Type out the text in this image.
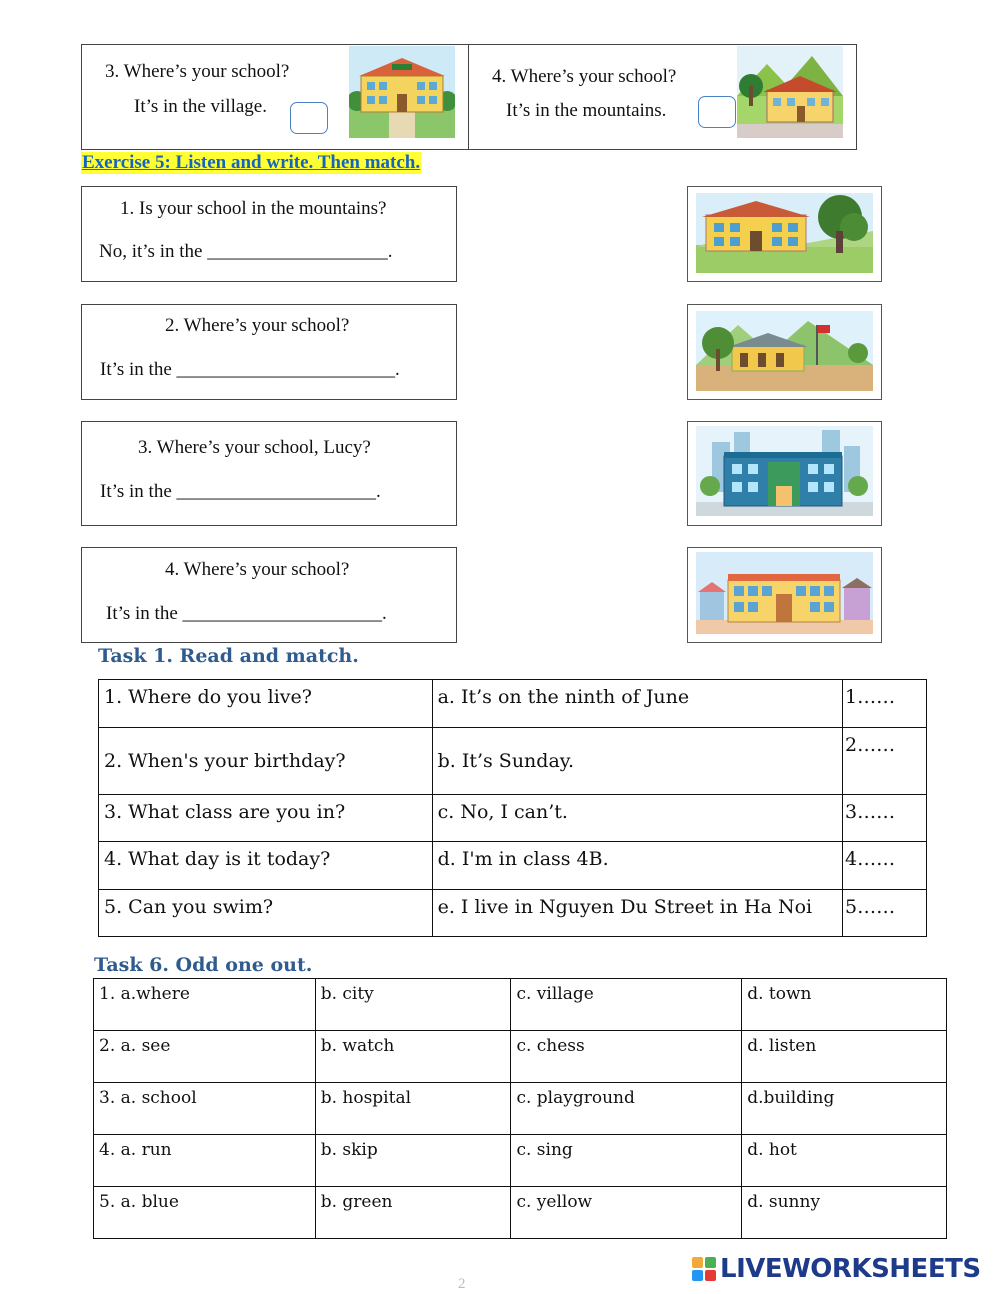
3. Where’s your school?
It’s in the village.
4. Where’s your school?
It’s in the mountains.
Exercise 5: Listen and write. Then match.
1. Is your school in the mountains?
No, it’s in the ___________________.
2. Where’s your school?
It’s in the _______________________.
3. Where’s your school, Lucy?
It’s in the _____________________.
4. Where’s your school?
It’s in the _____________________.
Task 1. Read and match.
1. Where do you live?	a. It’s on the ninth of June	1……
2. When's your birthday?	b. It’s Sunday.	2……
3. What class are you in?	c. No, I can’t.	3……
4. What day is it today?	d. I'm in class 4B.	4……
5. Can you swim?	e. I live in Nguyen Du Street in Ha Noi	5……
Task 6. Odd one out.
1. a.where	b. city	c. village	d. town
2. a. see	b. watch	c. chess	d. listen
3. a. school	b. hospital	c. playground	d.building
4. a. run	b. skip	c. sing	d. hot
5. a. blue	b. green	c. yellow	d. sunny
2	LIVEWORKSHEETS
